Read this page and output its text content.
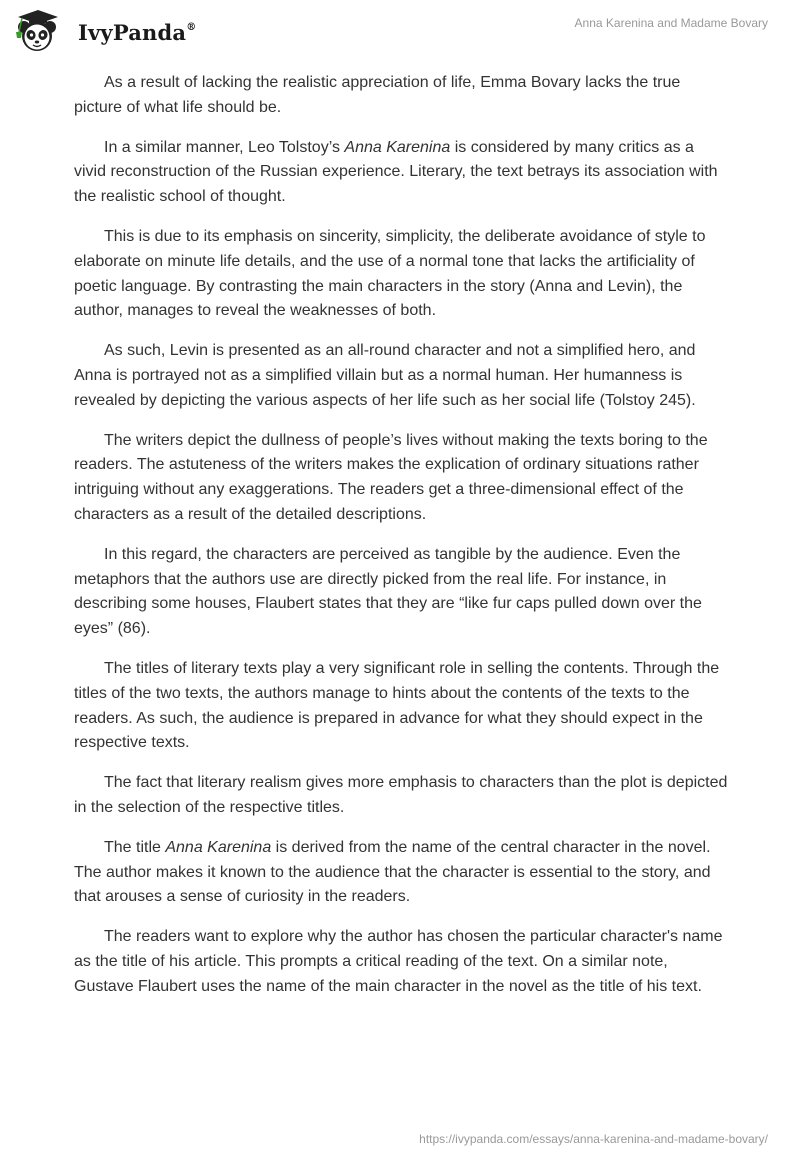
IvyPanda®	Anna Karenina and Madame Bovary

As a result of lacking the realistic appreciation of life, Emma Bovary lacks the true picture of what life should be.

In a similar manner, Leo Tolstoy’s Anna Karenina is considered by many critics as a vivid reconstruction of the Russian experience. Literary, the text betrays its association with the realistic school of thought.

This is due to its emphasis on sincerity, simplicity, the deliberate avoidance of style to elaborate on minute life details, and the use of a normal tone that lacks the artificiality of poetic language. By contrasting the main characters in the story (Anna and Levin), the author, manages to reveal the weaknesses of both.

As such, Levin is presented as an all-round character and not a simplified hero, and Anna is portrayed not as a simplified villain but as a normal human. Her humanness is revealed by depicting the various aspects of her life such as her social life (Tolstoy 245).

The writers depict the dullness of people’s lives without making the texts boring to the readers. The astuteness of the writers makes the explication of ordinary situations rather intriguing without any exaggerations. The readers get a three-dimensional effect of the characters as a result of the detailed descriptions.

In this regard, the characters are perceived as tangible by the audience. Even the metaphors that the authors use are directly picked from the real life. For instance, in describing some houses, Flaubert states that they are “like fur caps pulled down over the eyes” (86).

The titles of literary texts play a very significant role in selling the contents. Through the titles of the two texts, the authors manage to hints about the contents of the texts to the readers. As such, the audience is prepared in advance for what they should expect in the respective texts.

The fact that literary realism gives more emphasis to characters than the plot is depicted in the selection of the respective titles.

The title Anna Karenina is derived from the name of the central character in the novel. The author makes it known to the audience that the character is essential to the story, and that arouses a sense of curiosity in the readers.

The readers want to explore why the author has chosen the particular character's name as the title of his article. This prompts a critical reading of the text. On a similar note, Gustave Flaubert uses the name of the main character in the novel as the title of his text.

https://ivypanda.com/essays/anna-karenina-and-madame-bovary/
